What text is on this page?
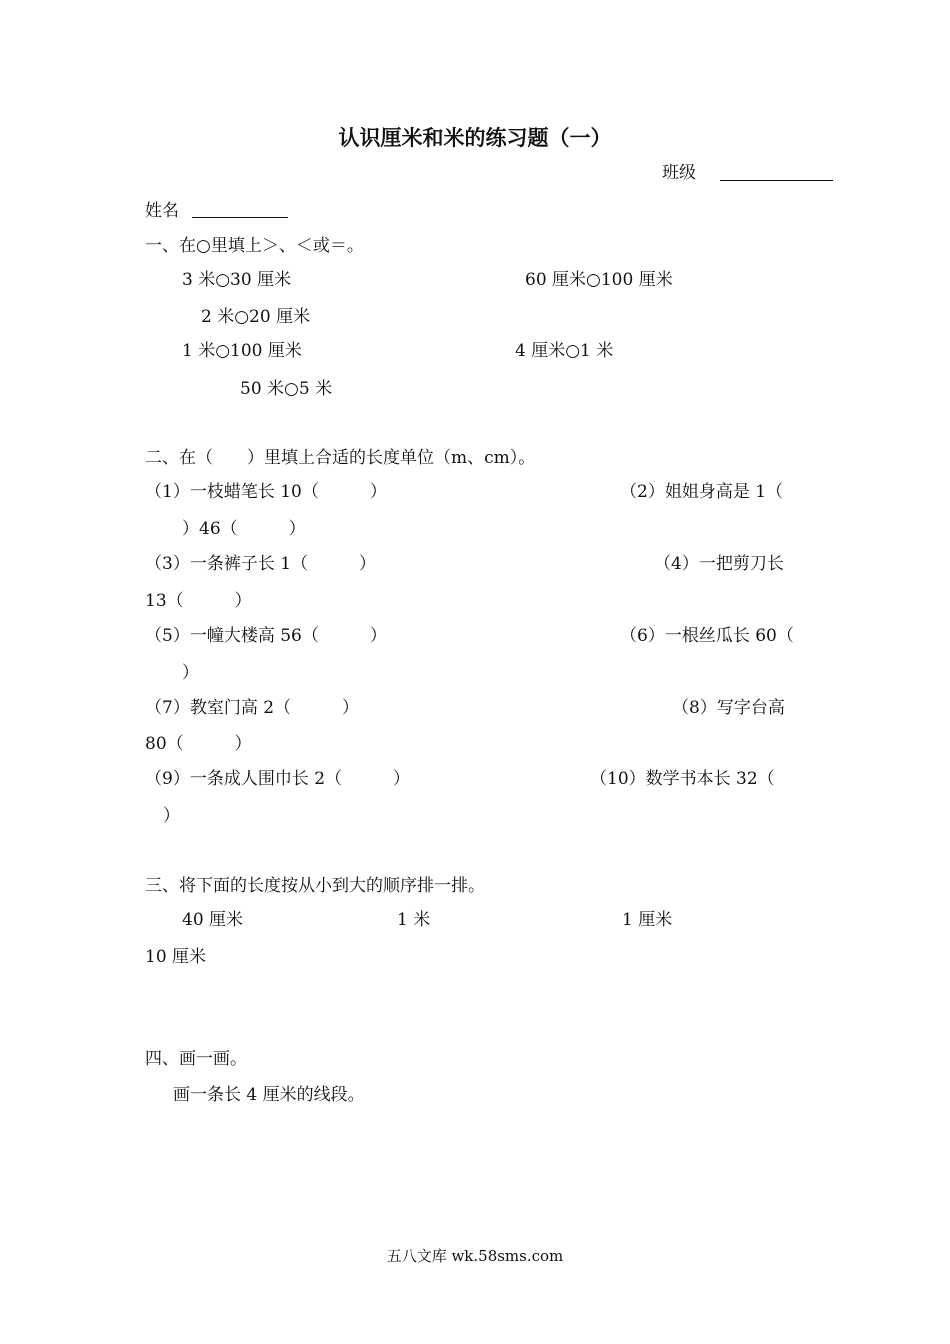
认识厘米和米的练习题（一）
班级
姓名
一、在○里填上＞、＜或＝。
3 米○30 厘米	60 厘米○100 厘米
2 米○20 厘米
1 米○100 厘米	4 厘米○1 米
50 米○5 米
二、在（　　）里填上合适的长度单位（m、cm）。
（1）一枝蜡笔长 10（　　　）	（2）姐姐身高是 1（
）46（　　　）
（3）一条裤子长 1（　　　）	（4）一把剪刀长
13（　　　）
（5）一幢大楼高 56（　　　）	（6）一根丝瓜长 60（
）
（7）教室门高 2（　　　）	（8）写字台高
80（　　　）
（9）一条成人围巾长 2（　　　）	（10）数学书本长 32（
）
三、将下面的长度按从小到大的顺序排一排。
40 厘米	1 米	1 厘米
10 厘米
四、画一画。
画一条长 4 厘米的线段。
五八文库 wk.58sms.com
